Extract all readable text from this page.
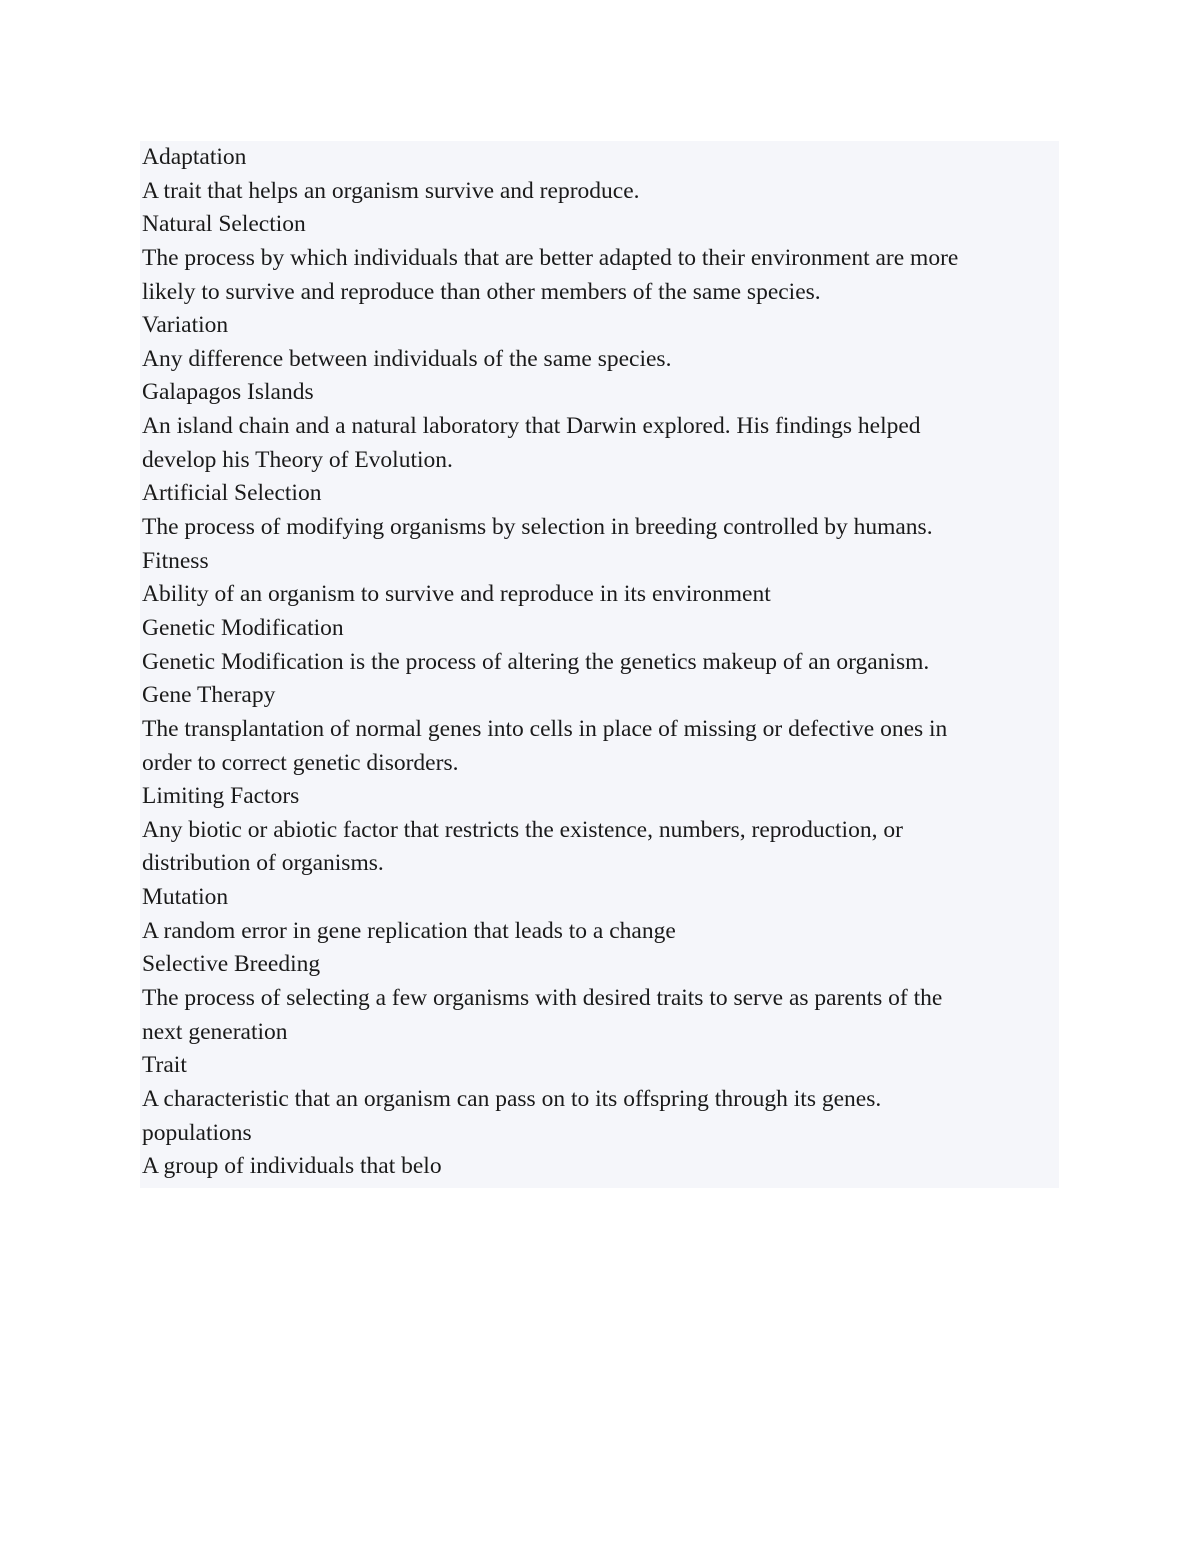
Adaptation
A trait that helps an organism survive and reproduce.
Natural Selection
The process by which individuals that are better adapted to their environment are more
likely to survive and reproduce than other members of the same species.
Variation
Any difference between individuals of the same species.
Galapagos Islands
An island chain and a natural laboratory that Darwin explored. His findings helped
develop his Theory of Evolution.
Artificial Selection
The process of modifying organisms by selection in breeding controlled by humans.
Fitness
Ability of an organism to survive and reproduce in its environment
Genetic Modification
Genetic Modification is the process of altering the genetics makeup of an organism.
Gene Therapy
The transplantation of normal genes into cells in place of missing or defective ones in
order to correct genetic disorders.
Limiting Factors
Any biotic or abiotic factor that restricts the existence, numbers, reproduction, or
distribution of organisms.
Mutation
A random error in gene replication that leads to a change
Selective Breeding
The process of selecting a few organisms with desired traits to serve as parents of the
next generation
Trait
A characteristic that an organism can pass on to its offspring through its genes.
populations
A group of individuals that belo
